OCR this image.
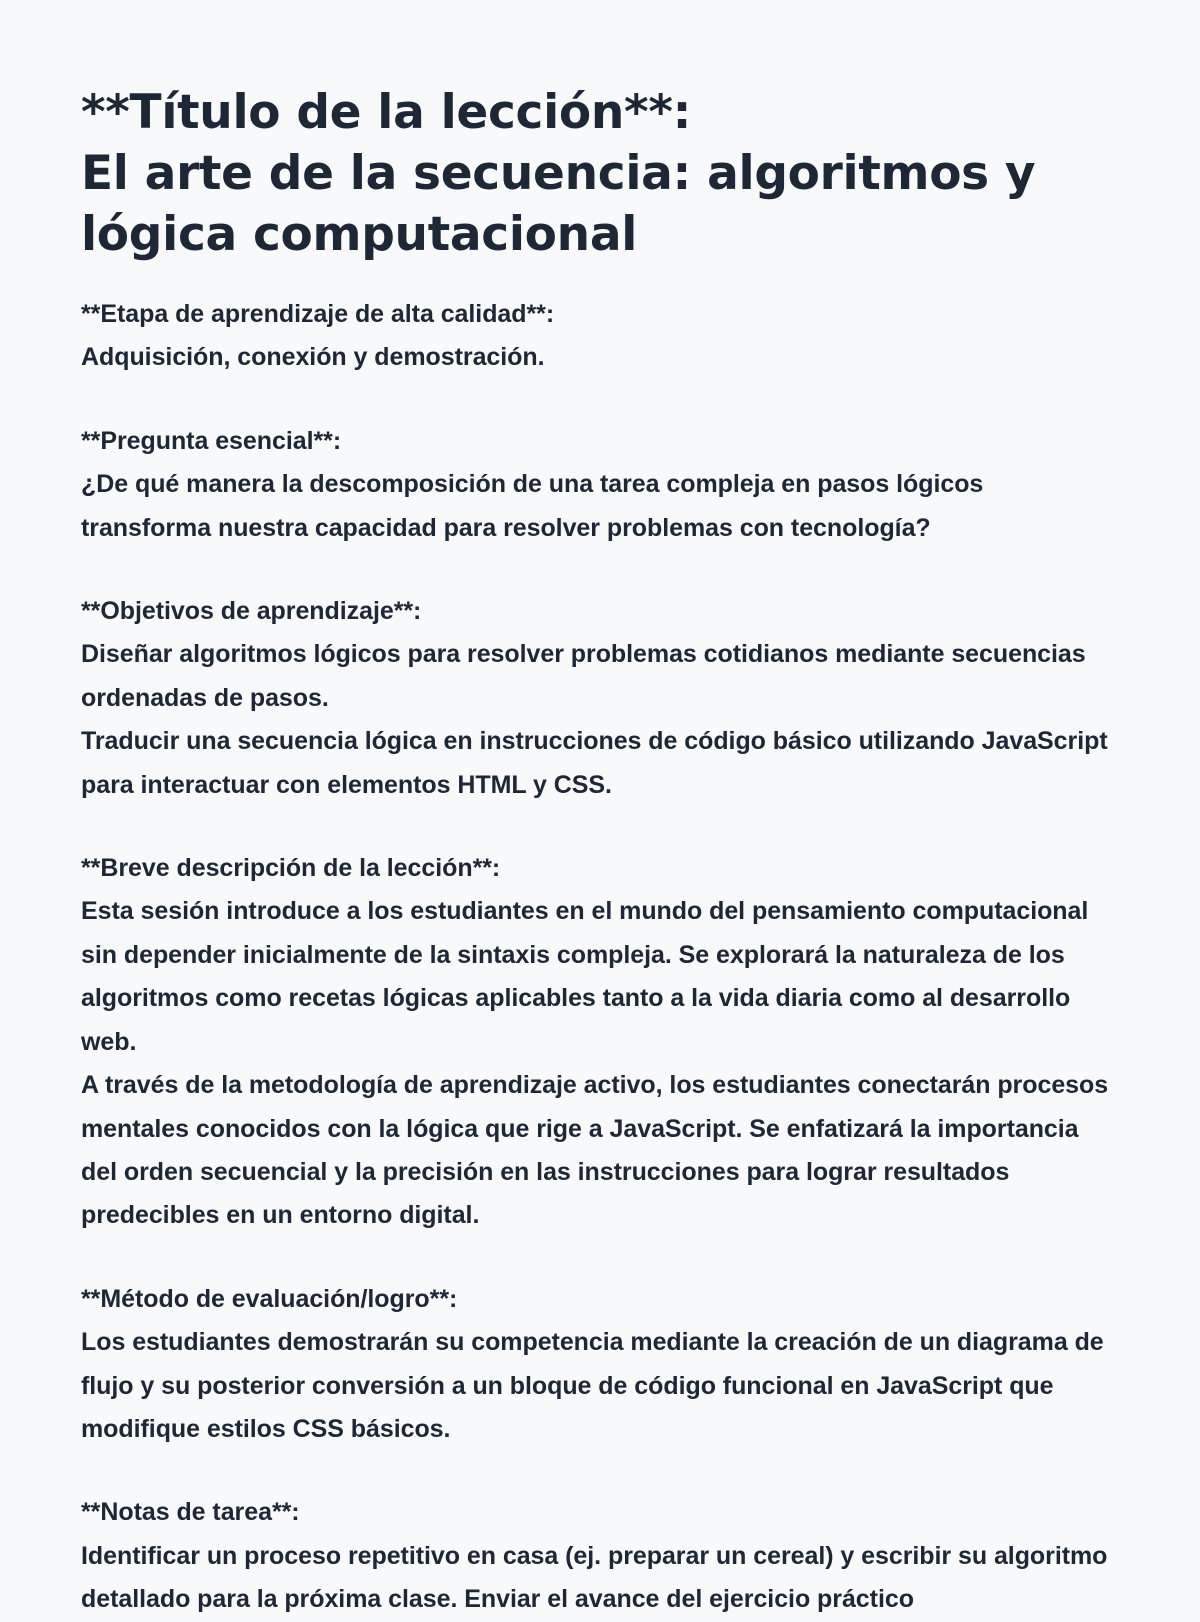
**Título de la lección**:
El arte de la secuencia: algoritmos y lógica computacional

**Etapa de aprendizaje de alta calidad**:

Adquisición, conexión y demostración.

**Pregunta esencial**:

¿De qué manera la descomposición de una tarea compleja en pasos lógicos transforma nuestra capacidad para resolver problemas con tecnología?

**Objetivos de aprendizaje**:

Diseñar algoritmos lógicos para resolver problemas cotidianos mediante secuencias ordenadas de pasos.

Traducir una secuencia lógica en instrucciones de código básico utilizando JavaScript para interactuar con elementos HTML y CSS.

**Breve descripción de la lección**:

Esta sesión introduce a los estudiantes en el mundo del pensamiento computacional sin depender inicialmente de la sintaxis compleja. Se explorará la naturaleza de los algoritmos como recetas lógicas aplicables tanto a la vida diaria como al desarrollo web.

A través de la metodología de aprendizaje activo, los estudiantes conectarán procesos mentales conocidos con la lógica que rige a JavaScript. Se enfatizará la importancia del orden secuencial y la precisión en las instrucciones para lograr resultados predecibles en un entorno digital.

**Método de evaluación/logro**:

Los estudiantes demostrarán su competencia mediante la creación de un diagrama de flujo y su posterior conversión a un bloque de código funcional en JavaScript que modifique estilos CSS básicos.

**Notas de tarea**:

Identificar un proceso repetitivo en casa (ej. preparar un cereal) y escribir su algoritmo detallado para la próxima clase. Enviar el avance del ejercicio práctico
